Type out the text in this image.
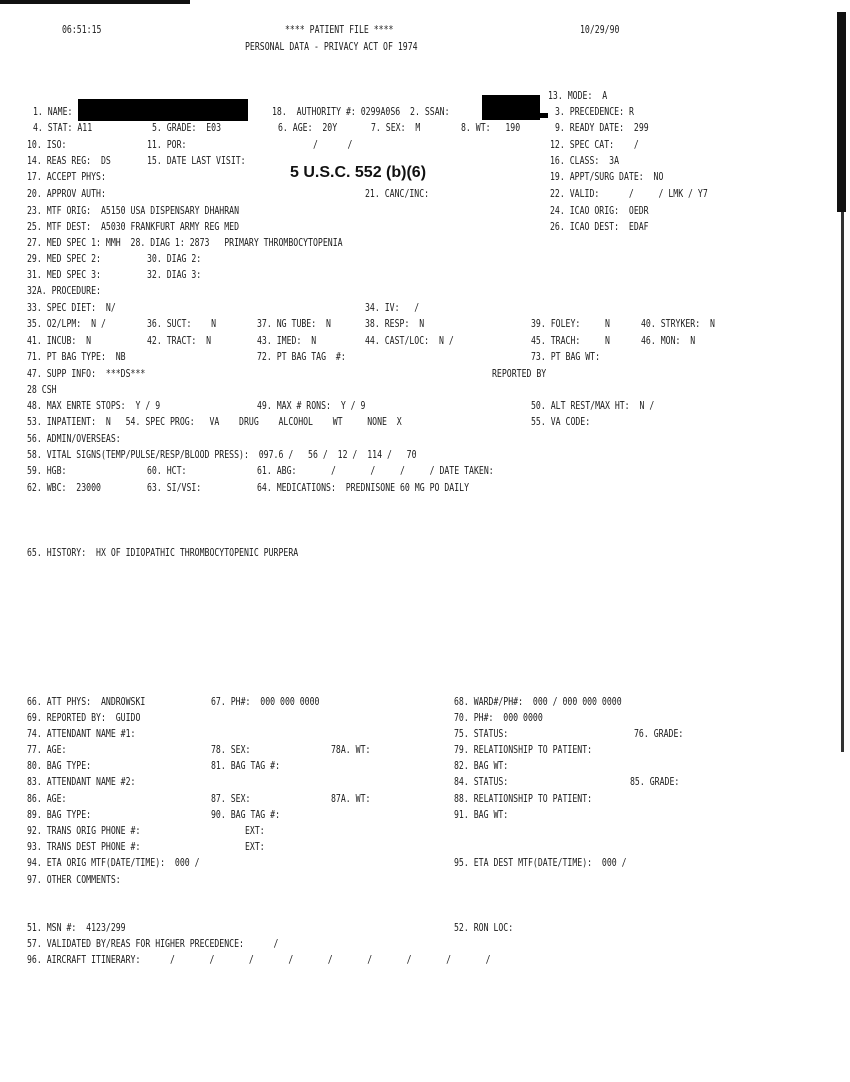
06:51:15	**** PATIENT FILE ****	10/29/90
PERSONAL DATA - PRIVACY ACT OF 1974
5 U.S.C. 552 (b)(6)
13. MODE:  A
1. NAME:	18.  AUTHORITY #: 0299A0S6  2. SSAN:	3. PRECEDENCE: R
4. STAT: A11	5. GRADE:  E03	6. AGE:  20Y	7. SEX:  M	8. WT:   190	9. READY DATE:  299
10. ISO:	11. POR:	/      /	12. SPEC CAT:    /
14. REAS REG:  DS	15. DATE LAST VISIT:	16. CLASS:  3A
17. ACCEPT PHYS:	19. APPT/SURG DATE:  NO
20. APPROV AUTH:	21. CANC/INC:	22. VALID:      /     / LMK / Y7
23. MTF ORIG:  A5150 USA DISPENSARY DHAHRAN	24. ICAO ORIG:  OEDR
25. MTF DEST:  A5030 FRANKFURT ARMY REG MED	26. ICAO DEST:  EDAF
27. MED SPEC 1: MMH  28. DIAG 1: 2873   PRIMARY THROMBOCYTOPENIA
29. MED SPEC 2:	30. DIAG 2:
31. MED SPEC 3:	32. DIAG 3:
32A. PROCEDURE:
33. SPEC DIET:  N/	34. IV:   /
35. O2/LPM:  N /	36. SUCT:    N	37. NG TUBE:  N	38. RESP:  N	39. FOLEY:     N	40. STRYKER:  N
41. INCUB:  N	42. TRACT:  N	43. IMED:  N	44. CAST/LOC:  N /	45. TRACH:     N	46. MON:  N
71. PT BAG TYPE:  NB	72. PT BAG TAG  #:	73. PT BAG WT:
47. SUPP INFO:  ***DS***	REPORTED BY
28 CSH
48. MAX ENRTE STOPS:  Y / 9	49. MAX # RONS:  Y / 9	50. ALT REST/MAX HT:  N /
53. INPATIENT:  N   54. SPEC PROG:   VA    DRUG    ALCOHOL    WT     NONE  X	55. VA CODE:
56. ADMIN/OVERSEAS:
58. VITAL SIGNS(TEMP/PULSE/RESP/BLOOD PRESS):  097.6 /   56 /  12 /  114 /   70
59. HGB:	60. HCT:	61. ABG:       /       /     /     / DATE TAKEN:
62. WBC:  23000	63. SI/VSI:	64. MEDICATIONS:  PREDNISONE 60 MG PO DAILY
65. HISTORY:  HX OF IDIOPATHIC THROMBOCYTOPENIC PURPERA
66. ATT PHYS:  ANDROWSKI	67. PH#:  000 000 0000	68. WARD#/PH#:  000 / 000 000 0000
69. REPORTED BY:  GUIDO	70. PH#:  000 0000
74. ATTENDANT NAME #1:	75. STATUS:	76. GRADE:
77. AGE:	78. SEX:	78A. WT:	79. RELATIONSHIP TO PATIENT:
80. BAG TYPE:	81. BAG TAG #:	82. BAG WT:
83. ATTENDANT NAME #2:	84. STATUS:	85. GRADE:
86. AGE:	87. SEX:	87A. WT:	88. RELATIONSHIP TO PATIENT:
89. BAG TYPE:	90. BAG TAG #:	91. BAG WT:
92. TRANS ORIG PHONE #:	EXT:
93. TRANS DEST PHONE #:	EXT:
94. ETA ORIG MTF(DATE/TIME):  000 /	95. ETA DEST MTF(DATE/TIME):  000 /
97. OTHER COMMENTS:
51. MSN #:  4123/299	52. RON LOC:
57. VALIDATED BY/REAS FOR HIGHER PRECEDENCE:      /
96. AIRCRAFT ITINERARY:      /       /       /       /       /       /       /       /       /
